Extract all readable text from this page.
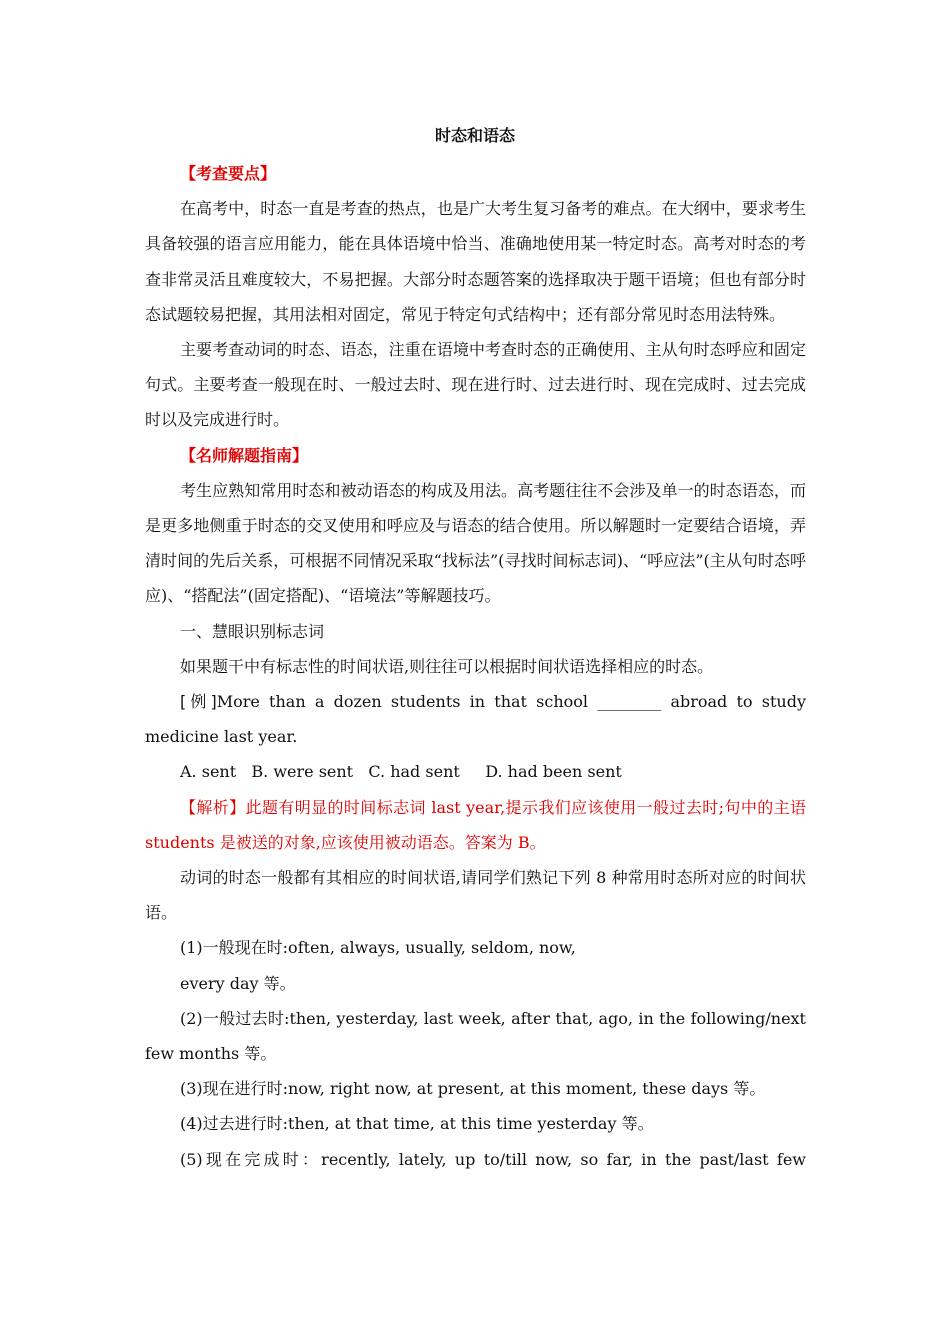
时态和语态

【考查要点】

在高考中，时态一直是考查的热点，也是广大考生复习备考的难点。在大纲中，要求考生具备较强的语言应用能力，能在具体语境中恰当、准确地使用某一特定时态。高考对时态的考查非常灵活且难度较大，不易把握。大部分时态题答案的选择取决于题干语境；但也有部分时态试题较易把握，其用法相对固定，常见于特定句式结构中；还有部分常见时态用法特殊。

主要考查动词的时态、语态，注重在语境中考查时态的正确使用、主从句时态呼应和固定句式。主要考查一般现在时、一般过去时、现在进行时、过去进行时、现在完成时、过去完成时以及完成进行时。

【名师解题指南】

考生应熟知常用时态和被动语态的构成及用法。高考题往往不会涉及单一的时态语态，而是更多地侧重于时态的交叉使用和呼应及与语态的结合使用。所以解题时一定要结合语境，弄清时间的先后关系，可根据不同情况采取“找标法”(寻找时间标志词)、“呼应法”(主从句时态呼应)、“搭配法”(固定搭配)、“语境法”等解题技巧。

一、慧眼识别标志词

如果题干中有标志性的时间状语,则往往可以根据时间状语选择相应的时态。

[例]More than a dozen students in that school ________ abroad to study medicine last year.

A. sent   B. were sent   C. had sent     D. had been sent

【解析】此题有明显的时间标志词 last year,提示我们应该使用一般过去时;句中的主语 students 是被送的对象,应该使用被动语态。答案为 B。

动词的时态一般都有其相应的时间状语,请同学们熟记下列 8 种常用时态所对应的时间状语。

(1)一般现在时:often, always, usually, seldom, now,

every day 等。

(2)一般过去时:then, yesterday, last week, after that, ago, in the following/next few months 等。

(3)现在进行时:now, right now, at present, at this moment, these days 等。

(4)过去进行时:then, at that time, at this time yesterday 等。

(5)现在完成时：recently, lately, up to/till now, so far, in the past/last few
